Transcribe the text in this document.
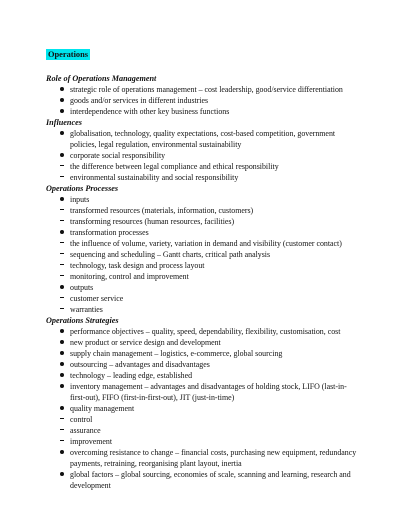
Operations
Role of Operations Management
strategic role of operations management – cost leadership, good/service differentiation
goods and/or services in different industries
interdependence with other key business functions
Influences
globalisation, technology, quality expectations, cost-based competition, government policies, legal regulation, environmental sustainability
corporate social responsibility
the difference between legal compliance and ethical responsibility
environmental sustainability and social responsibility
Operations Processes
inputs
transformed resources (materials, information, customers)
transforming resources (human resources, facilities)
transformation processes
the influence of volume, variety, variation in demand and visibility (customer contact)
sequencing and scheduling – Gantt charts, critical path analysis
technology, task design and process layout
monitoring, control and improvement
outputs
customer service
warranties
Operations Strategies
performance objectives – quality, speed, dependability, flexibility, customisation, cost
new product or service design and development
supply chain management – logistics, e-commerce, global sourcing
outsourcing – advantages and disadvantages
technology – leading edge, established
inventory management – advantages and disadvantages of holding stock, LIFO (last-in-first-out), FIFO (first-in-first-out), JIT (just-in-time)
quality management
control
assurance
improvement
overcoming resistance to change – financial costs, purchasing new equipment, redundancy payments, retraining, reorganising plant layout, inertia
global factors – global sourcing, economies of scale, scanning and learning, research and development
